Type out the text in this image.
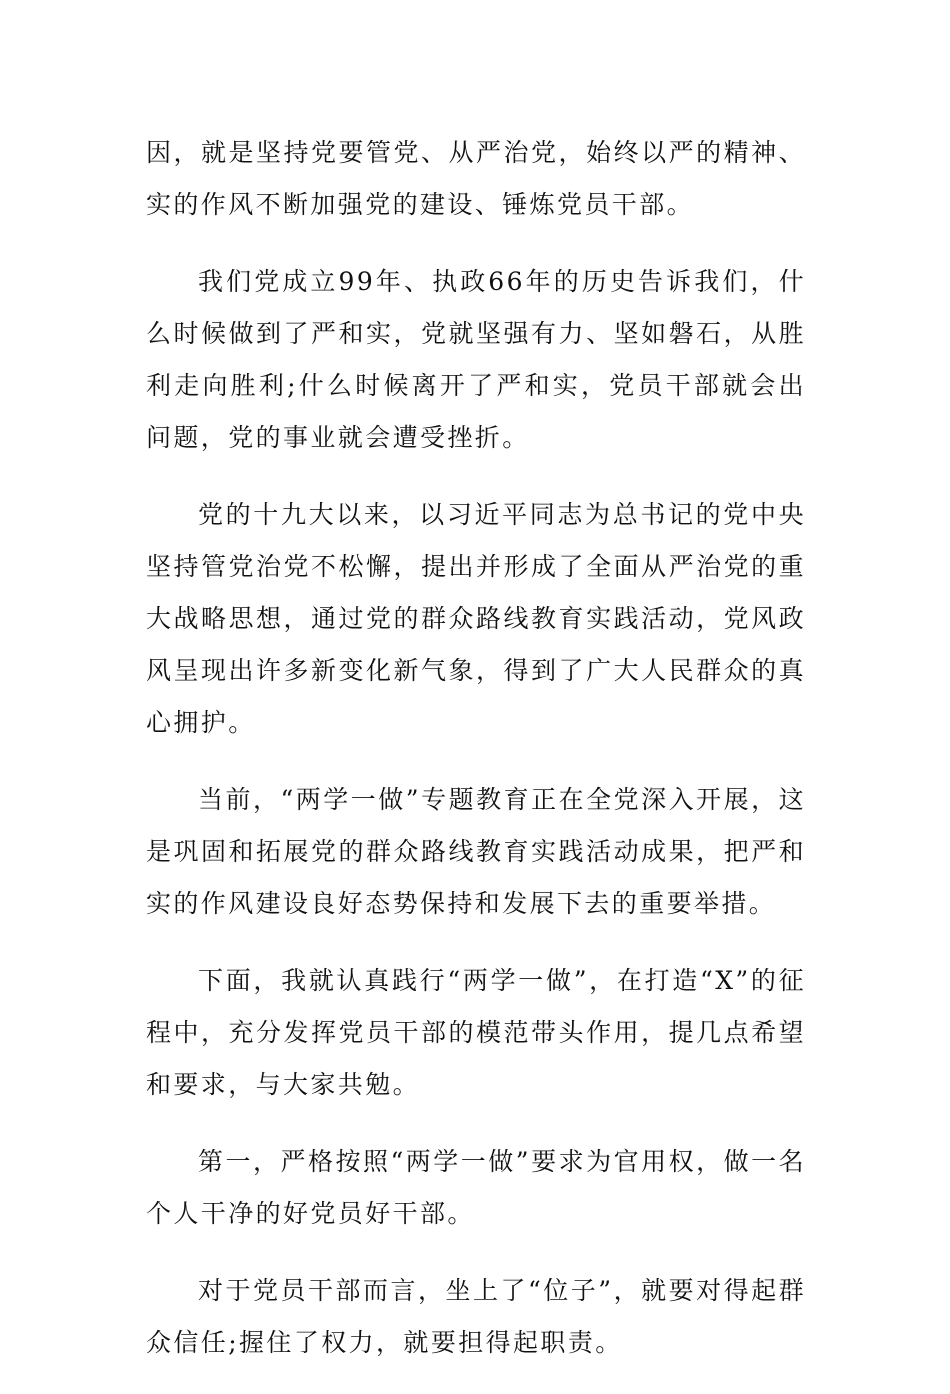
因，就是坚持党要管党、从严治党，始终以严的精神、实的作风不断加强党的建设、锤炼党员干部。

我们党成立99年、执政66年的历史告诉我们，什么时候做到了严和实，党就坚强有力、坚如磐石，从胜利走向胜利;什么时候离开了严和实，党员干部就会出问题，党的事业就会遭受挫折。

党的十九大以来，以习近平同志为总书记的党中央坚持管党治党不松懈，提出并形成了全面从严治党的重大战略思想，通过党的群众路线教育实践活动，党风政风呈现出许多新变化新气象，得到了广大人民群众的真心拥护。

当前，“两学一做”专题教育正在全党深入开展，这是巩固和拓展党的群众路线教育实践活动成果，把严和实的作风建设良好态势保持和发展下去的重要举措。

下面，我就认真践行“两学一做”，在打造“X”的征程中，充分发挥党员干部的模范带头作用，提几点希望和要求，与大家共勉。

第一，严格按照“两学一做”要求为官用权，做一名个人干净的好党员好干部。

对于党员干部而言，坐上了“位子”，就要对得起群众信任;握住了权力，就要担得起职责。
